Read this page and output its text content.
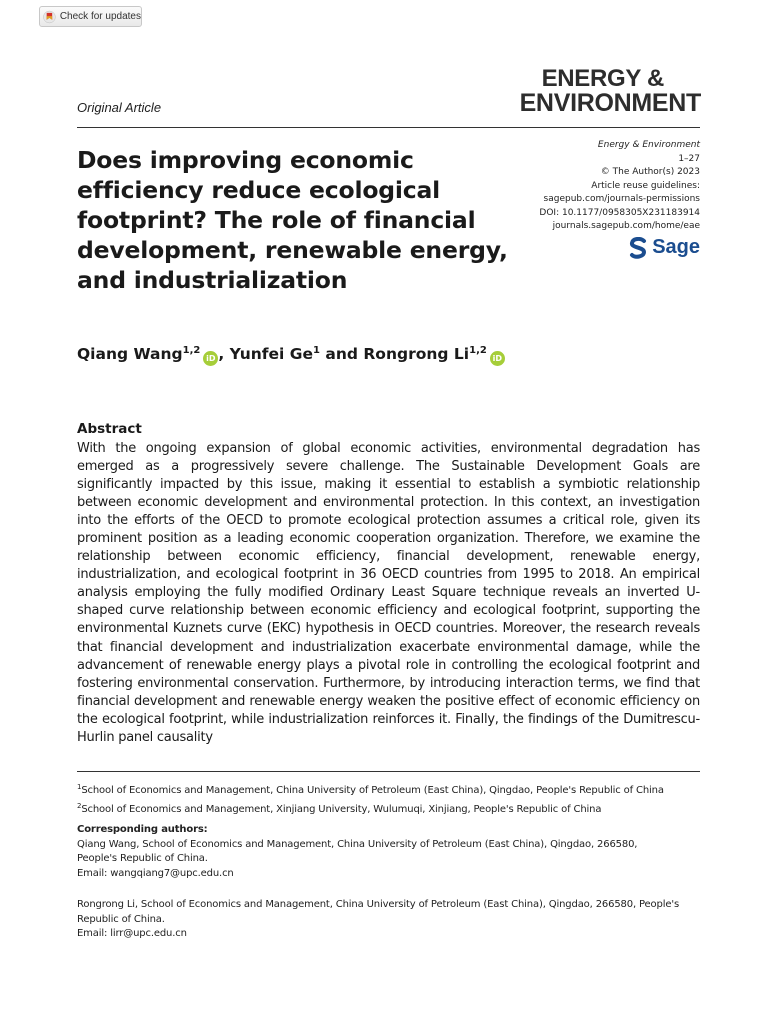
Check for updates
Original Article
ENERGY &
ENVIRONMENT
Energy & Environment
1–27
© The Author(s) 2023
Article reuse guidelines:
sagepub.com/journals-permissions
DOI: 10.1177/0958305X231183914
journals.sagepub.com/home/eae
Sage
Does improving economic efficiency reduce ecological footprint? The role of financial development, renewable energy, and industrialization
Qiang Wang$^{1,2}$iD , Yunfei Ge$^1$ and Rongrong Li$^{1,2}$iD
Abstract

With the ongoing expansion of global economic activities, environmental degradation has emerged as a progressively severe challenge. The Sustainable Development Goals are significantly impacted by this issue, making it essential to establish a symbiotic relationship between economic development and environmental protection. In this context, an investigation into the efforts of the OECD to promote ecological protection assumes a critical role, given its prominent position as a leading economic cooperation organization. Therefore, we examine the relationship between economic efficiency, financial development, renewable energy, industrialization, and ecological footprint in 36 OECD countries from 1995 to 2018. An empirical analysis employing the fully modified Ordinary Least Square technique reveals an inverted U-shaped curve relationship between economic efficiency and ecological footprint, supporting the environmental Kuznets curve (EKC) hypothesis in OECD countries. Moreover, the research reveals that financial development and industrialization exacerbate environmental damage, while the advancement of renewable energy plays a pivotal role in controlling the ecological footprint and fostering environmental conservation. Furthermore, by introducing interaction terms, we find that financial development and renewable energy weaken the positive effect of economic efficiency on the ecological footprint, while industrialization reinforces it. Finally, the findings of the Dumitrescu-Hurlin panel causality

$^1$School of Economics and Management, China University of Petroleum (East China), Qingdao, People's Republic of China
$^2$School of Economics and Management, Xinjiang University, Wulumuqi, Xinjiang, People's Republic of China
Corresponding authors:
Qiang Wang, School of Economics and Management, China University of Petroleum (East China), Qingdao, 266580,
People's Republic of China.
Email: wangqiang7@upc.edu.cn
Rongrong Li, School of Economics and Management, China University of Petroleum (East China), Qingdao, 266580, People's
Republic of China.
Email: lirr@upc.edu.cn
